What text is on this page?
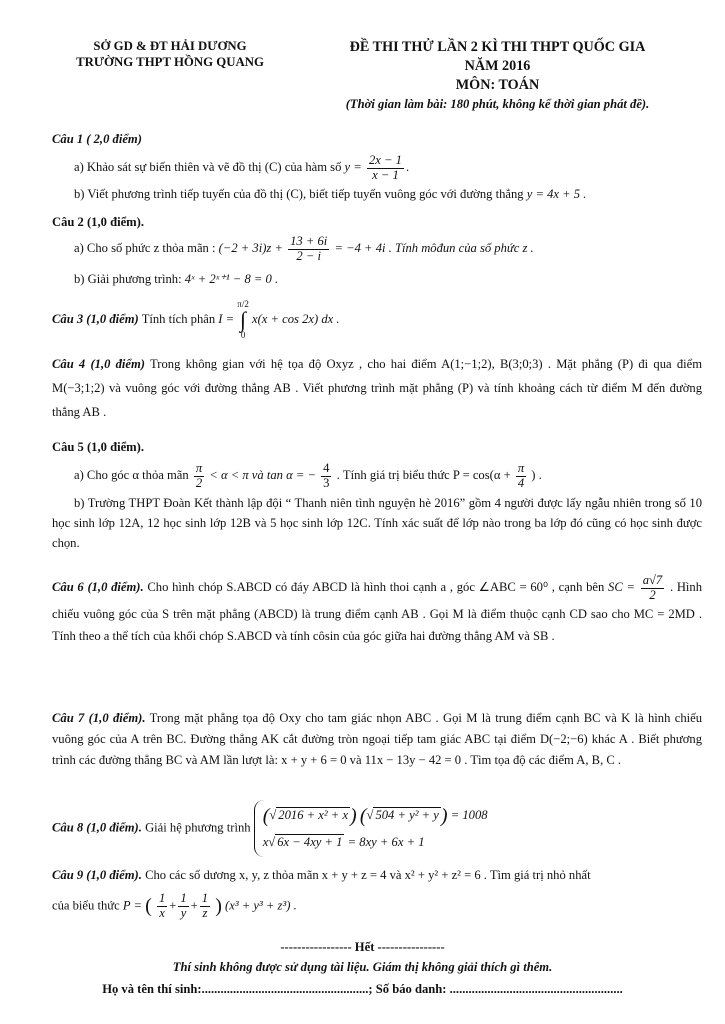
SỞ GD & ĐT HẢI DƯƠNG
TRƯỜNG THPT HỒNG QUANG
ĐỀ THI THỬ LẦN 2 KÌ THI THPT QUỐC GIA
NĂM 2016
MÔN: TOÁN
(Thời gian làm bài: 180 phút, không kể thời gian phát đề).
Câu 1 ( 2,0 điểm)
a) Khảo sát sự biến thiên và vẽ đồ thị (C) của hàm số $y = \frac{2x - 1}{x - 1}$ .
b) Viết phương trình tiếp tuyến của đồ thị (C), biết tiếp tuyến vuông góc với đường thẳng y = 4x + 5 .
Câu 2 (1,0 điểm).
a) Cho số phức z thỏa mãn : $(-2 + 3i)z + \frac{13 + 6i}{2 - i} = -4 + 4i$ . Tính môđun của số phức z .
b) Giải phương trình: 4ˣ + 2ˣ⁺¹ − 8 = 0 .
Câu 3 (1,0 điểm) Tính tích phân I =
π/2
∫
0
x(x + cos 2x) dx .
Câu 4 (1,0 điểm) Trong không gian với hệ tọa độ Oxyz , cho hai điểm A(1;−1;2), B(3;0;3) . Mặt phẳng (P) đi qua điểm M(−3;1;2) và vuông góc với đường thẳng AB . Viết phương trình mặt phẳng (P) và tính khoảng cách từ điểm M đến đường thẳng AB .
Câu 5 (1,0 điểm).
a) Cho góc α thỏa mãn $\frac{\pi}{2} < \alpha < \pi$ và tan α = − $\frac{4}{3}$ . Tính giá trị biểu thức $P = \cos(\alpha + \frac{\pi}{4}$ ) .
b) Trường THPT Đoàn Kết thành lập đội “ Thanh niên tình nguyện hè 2016” gồm 4 người được lấy ngẫu nhiên trong số 10 học sinh lớp 12A, 12 học sinh lớp 12B và 5 học sinh lớp 12C. Tính xác suất để lớp nào trong ba lớp đó cũng có học sinh được chọn.
Câu 6 (1,0 điểm). Cho hình chóp S.ABCD có đáy ABCD là hình thoi cạnh a , góc ∠ABC = 60⁰ , cạnh bên SC = $\frac{a√7}{2}$ . Hình chiếu vuông góc của S trên mặt phẳng (ABCD) là trung điểm cạnh AB . Gọi M là điểm thuộc cạnh CD sao cho MC = 2MD . Tính theo a thể tích của khối chóp S.ABCD và tính côsin của góc giữa hai đường thẳng AM và SB .
Câu 7 (1,0 điểm). Trong mặt phẳng tọa độ Oxy cho tam giác nhọn ABC . Gọi M là trung điểm cạnh BC và K là hình chiếu vuông góc của A trên BC. Đường thẳng AK cắt đường tròn ngoại tiếp tam giác ABC tại điểm D(−2;−6) khác A . Biết phương trình các đường thẳng BC và AM lần lượt là: x + y + 6 = 0 và 11x − 13y − 42 = 0 . Tìm tọa độ các điểm A, B, C .
Câu 8 (1,0 điểm). Giải hệ phương trình
(√ 2016 + x² + x ) (√ 504 + y² + y ) = 1008
x√ 6x − 4xy + 1 = 8xy + 6x + 1
Câu 9 (1,0 điểm). Cho các số dương x, y, z thỏa mãn x + y + z = 4 và x² + y² + z² = 6 . Tìm giá trị nhỏ nhất
của biểu thức P = ( $\frac{1}{x} + \frac{1}{y} + \frac{1}{z}$ ) (x³ + y³ + z³) .
----------------- Hết ----------------
Thí sinh không được sử dụng tài liệu. Giám thị không giải thích gì thêm.
Họ và tên thí sinh:.....................................................; Số báo danh: .......................................................
